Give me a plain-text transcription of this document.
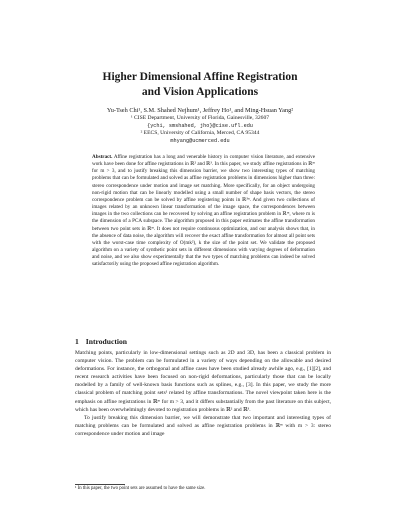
Higher Dimensional Affine Registration
and Vision Applications
Yu-Tseh Chi¹, S.M. Shahed Nejhum¹, Jeffrey Ho¹, and Ming-Hsuan Yang²
¹ CISE Department, University of Florida, Gainesville, 32607
{ychi, smshahed, jho}@cise.ufl.edu
² EECS, University of California, Merced, CA 95344
mhyang@ucmerced.edu
Abstract. Affine registration has a long and venerable history in computer vision literature, and extensive work have been done for affine registrations in ℝ² and ℝ³. In this paper, we study affine registrations in ℝᵐ for m > 3, and to justify breaking this dimension barrier, we show two interesting types of matching problems that can be formulated and solved as affine registration problems in dimensions higher than three: stereo correspondence under motion and image set matching. More specifically, for an object undergoing non-rigid motion that can be linearly modelled using a small number of shape basis vectors, the stereo correspondence problem can be solved by affine registering points in ℝ³ⁿ. And given two collections of images related by an unknown linear transformation of the image space, the correspondences between images in the two collections can be recovered by solving an affine registration problem in ℝᵐ, where m is the dimension of a PCA subspace. The algorithm proposed in this paper estimates the affine transformation between two point sets in ℝᵐ. It does not require continuous optimization, and our analysis shows that, in the absence of data noise, the algorithm will recover the exact affine transformation for almost all point sets with the worst-case time complexity of O(mk²), k the size of the point set. We validate the proposed algorithm on a variety of synthetic point sets in different dimensions with varying degrees of deformation and noise, and we also show experimentally that the two types of matching problems can indeed be solved satisfactorily using the proposed affine registration algorithm.
1 Introduction

Matching points, particularly in low-dimensional settings such as 2D and 3D, has been a classical problem in computer vision. The problem can be formulated in a variety of ways depending on the allowable and desired deformations. For instance, the orthogonal and affine cases have been studied already awhile ago, e.g., [1][2], and recent research activities have been focused on non-rigid deformations, particularly those that can be locally modelled by a family of well-known basis functions such as splines, e.g., [3]. In this paper, we study the more classical problem of matching point sets¹ related by affine transformations. The novel viewpoint taken here is the emphasis on affine registrations in ℝᵐ for m > 3, and it differs substantially from the past literature on this subject, which has been overwhelmingly devoted to registration problems in ℝ² and ℝ³.

To justify breaking this dimension barrier, we will demonstrate that two important and interesting types of matching problems can be formulated and solved as affine registration problems in ℝᵐ with m > 3: stereo correspondence under motion and image

¹ In this paper, the two point sets are assumed to have the same size.
